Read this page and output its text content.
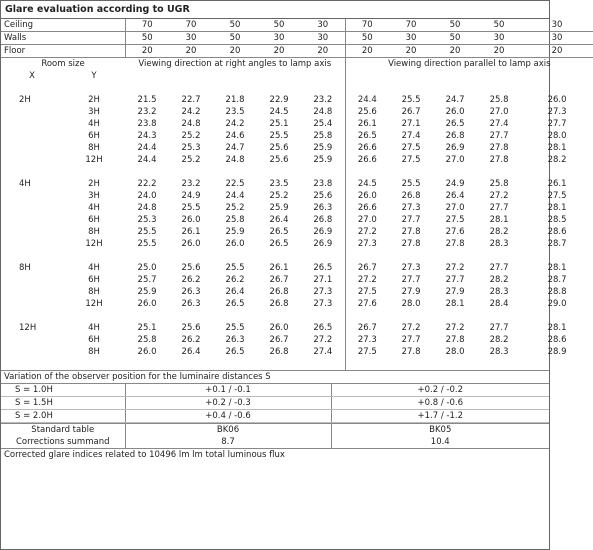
Glare evaluation according to UGR
Ceiling	70	70	50	50	30	70	70	50	50	30
Walls	50	30	50	30	30	50	30	50	30	30
Floor	20	20	20	20	20	20	20	20	20	20
Room size		Viewing direction at right angles to lamp axis					Viewing direction parallel to lamp axis				
X	Y										

2H	2H	21.5	22.7	21.8	22.9	23.2	24.4	25.5	24.7	25.8	26.0
	3H	23.2	24.2	23.5	24.5	24.8	25.6	26.7	26.0	27.0	27.3
	4H	23.8	24.8	24.2	25.1	25.4	26.1	27.1	26.5	27.4	27.7
	6H	24.3	25.2	24.6	25.5	25.8	26.5	27.4	26.8	27.7	28.0
	8H	24.4	25.3	24.7	25.6	25.9	26.6	27.5	26.9	27.8	28.1
	12H	24.4	25.2	24.8	25.6	25.9	26.6	27.5	27.0	27.8	28.2

4H	2H	22.2	23.2	22.5	23.5	23.8	24.5	25.5	24.9	25.8	26.1
	3H	24.0	24.9	24.4	25.2	25.6	26.0	26.8	26.4	27.2	27.5
	4H	24.8	25.5	25.2	25.9	26.3	26.6	27.3	27.0	27.7	28.1
	6H	25.3	26.0	25.8	26.4	26.8	27.0	27.7	27.5	28.1	28.5
	8H	25.5	26.1	25.9	26.5	26.9	27.2	27.8	27.6	28.2	28.6
	12H	25.5	26.0	26.0	26.5	26.9	27.3	27.8	27.8	28.3	28.7

8H	4H	25.0	25.6	25.5	26.1	26.5	26.7	27.3	27.2	27.7	28.1
	6H	25.7	26.2	26.2	26.7	27.1	27.2	27.7	27.7	28.2	28.7
	8H	25.9	26.3	26.4	26.8	27.3	27.5	27.9	27.9	28.3	28.8
	12H	26.0	26.3	26.5	26.8	27.3	27.6	28.0	28.1	28.4	29.0

12H	4H	25.1	25.6	25.5	26.0	26.5	26.7	27.2	27.2	27.7	28.1
	6H	25.8	26.2	26.3	26.7	27.2	27.3	27.7	27.8	28.2	28.6
	8H	26.0	26.4	26.5	26.8	27.4	27.5	27.8	28.0	28.3	28.9

Variation of the observer position for the luminaire distances S
S = 1.0H	+0.1 / -0.1	+0.2 / -0.2
S = 1.5H	+0.2 / -0.3	+0.8 / -0.6
S = 2.0H	+0.4 / -0.6	+1.7 / -1.2
Standard table	BK06	BK05
Corrections summand	8.7	10.4
Corrected glare indices related to 10496 lm lm total luminous flux
